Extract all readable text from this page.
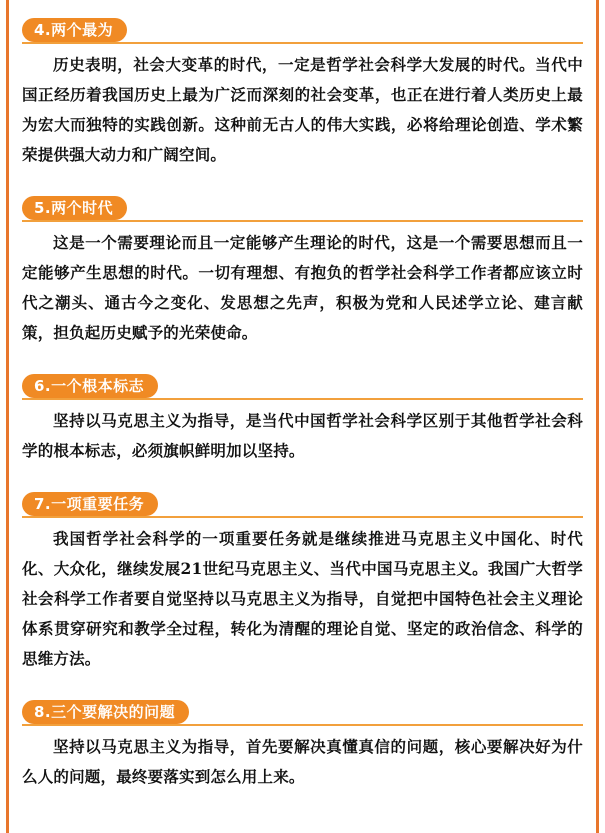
4.两个最为

历史表明，社会大变革的时代，一定是哲学社会科学大发展的时代。当代中国正经历着我国历史上最为广泛而深刻的社会变革，也正在进行着人类历史上最为宏大而独特的实践创新。这种前无古人的伟大实践，必将给理论创造、学术繁荣提供强大动力和广阔空间。

5.两个时代

这是一个需要理论而且一定能够产生理论的时代，这是一个需要思想而且一定能够产生思想的时代。一切有理想、有抱负的哲学社会科学工作者都应该立时代之潮头、通古今之变化、发思想之先声，积极为党和人民述学立论、建言献策，担负起历史赋予的光荣使命。

6.一个根本标志

坚持以马克思主义为指导，是当代中国哲学社会科学区别于其他哲学社会科学的根本标志，必须旗帜鲜明加以坚持。

7.一项重要任务

我国哲学社会科学的一项重要任务就是继续推进马克思主义中国化、时代化、大众化，继续发展21世纪马克思主义、当代中国马克思主义。我国广大哲学社会科学工作者要自觉坚持以马克思主义为指导，自觉把中国特色社会主义理论体系贯穿研究和教学全过程，转化为清醒的理论自觉、坚定的政治信念、科学的思维方法。

8.三个要解决的问题

坚持以马克思主义为指导，首先要解决真懂真信的问题，核心要解决好为什么人的问题，最终要落实到怎么用上来。
